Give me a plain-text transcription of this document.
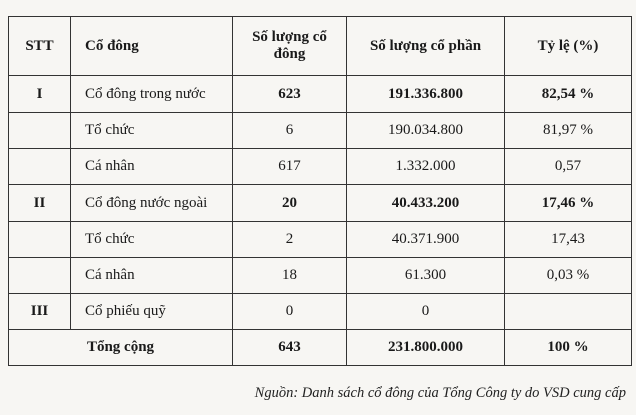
STT	Cổ đông	Số lượng cổ đông	Số lượng cổ phần	Tỷ lệ (%)
I	Cổ đông trong nước	623	191.336.800	82,54 %
	Tổ chức	6	190.034.800	81,97 %
	Cá nhân	617	1.332.000	0,57
II	Cổ đông nước ngoài	20	40.433.200	17,46 %
	Tổ chức	2	40.371.900	17,43
	Cá nhân	18	61.300	0,03 %
III	Cổ phiếu quỹ	0	0	
Tổng cộng		643	231.800.000	100 %
Nguồn: Danh sách cổ đông của Tổng Công ty do VSD cung cấp
